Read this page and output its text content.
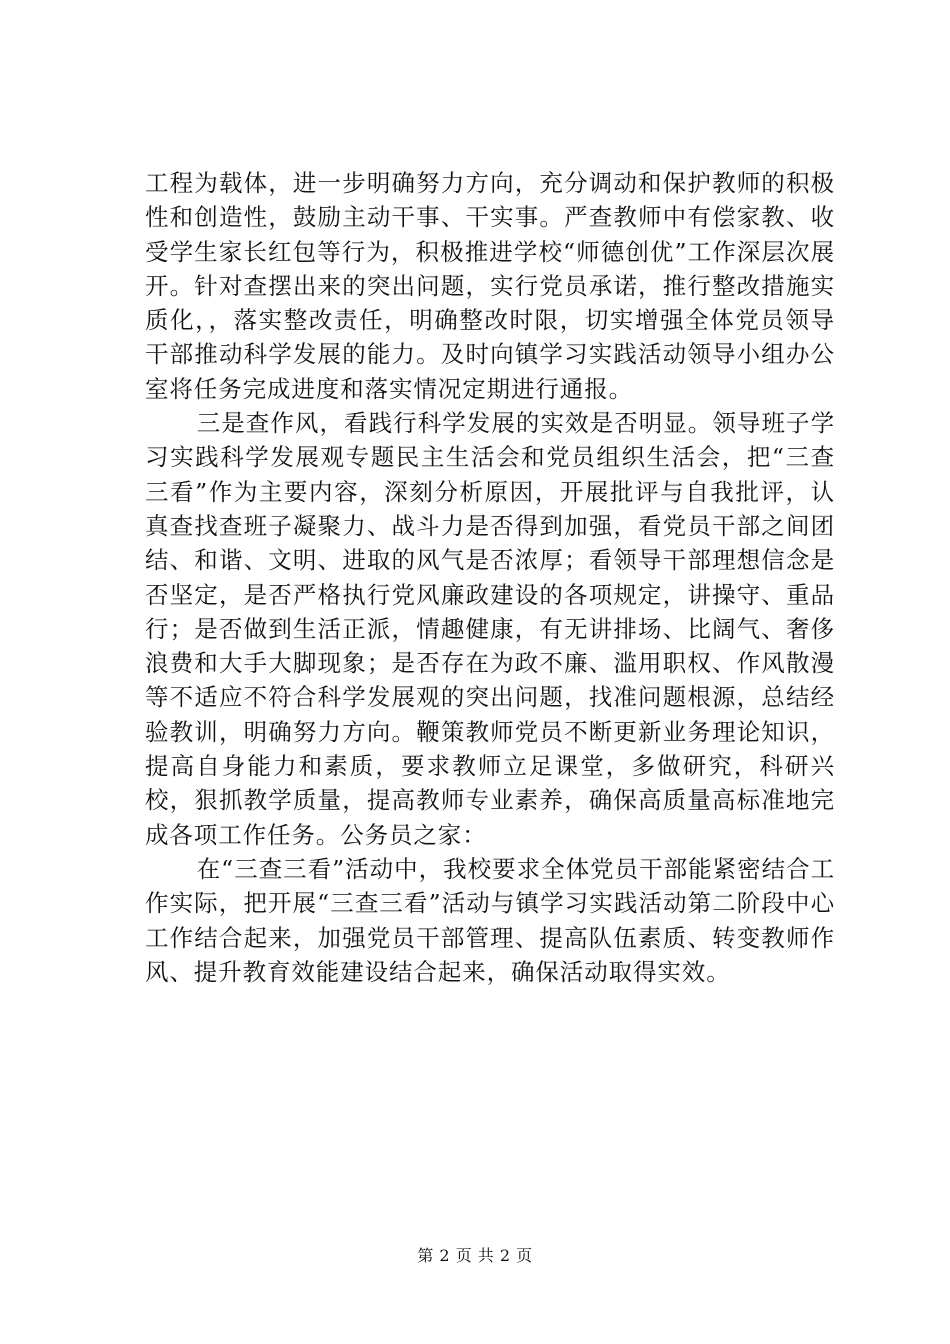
工程为载体，进一步明确努力方向，充分调动和保护教师的积极性和创造性，鼓励主动干事、干实事。严查教师中有偿家教、收受学生家长红包等行为，积极推进学校“师德创优”工作深层次展开。针对查摆出来的突出问题，实行党员承诺，推行整改措施实质化，，落实整改责任，明确整改时限，切实增强全体党员领导干部推动科学发展的能力。及时向镇学习实践活动领导小组办公室将任务完成进度和落实情况定期进行通报。

三是查作风，看践行科学发展的实效是否明显。领导班子学习实践科学发展观专题民主生活会和党员组织生活会，把“三查三看”作为主要内容，深刻分析原因，开展批评与自我批评，认真查找查班子凝聚力、战斗力是否得到加强，看党员干部之间团结、和谐、文明、进取的风气是否浓厚；看领导干部理想信念是否坚定，是否严格执行党风廉政建设的各项规定，讲操守、重品行；是否做到生活正派，情趣健康，有无讲排场、比阔气、奢侈浪费和大手大脚现象；是否存在为政不廉、滥用职权、作风散漫等不适应不符合科学发展观的突出问题，找准问题根源，总结经验教训，明确努力方向。鞭策教师党员不断更新业务理论知识，提高自身能力和素质，要求教师立足课堂，多做研究，科研兴校，狠抓教学质量，提高教师专业素养，确保高质量高标准地完成各项工作任务。公务员之家：

在“三查三看”活动中，我校要求全体党员干部能紧密结合工作实际，把开展“三查三看”活动与镇学习实践活动第二阶段中心工作结合起来，加强党员干部管理、提高队伍素质、转变教师作风、提升教育效能建设结合起来，确保活动取得实效。

第 2 页 共 2 页
